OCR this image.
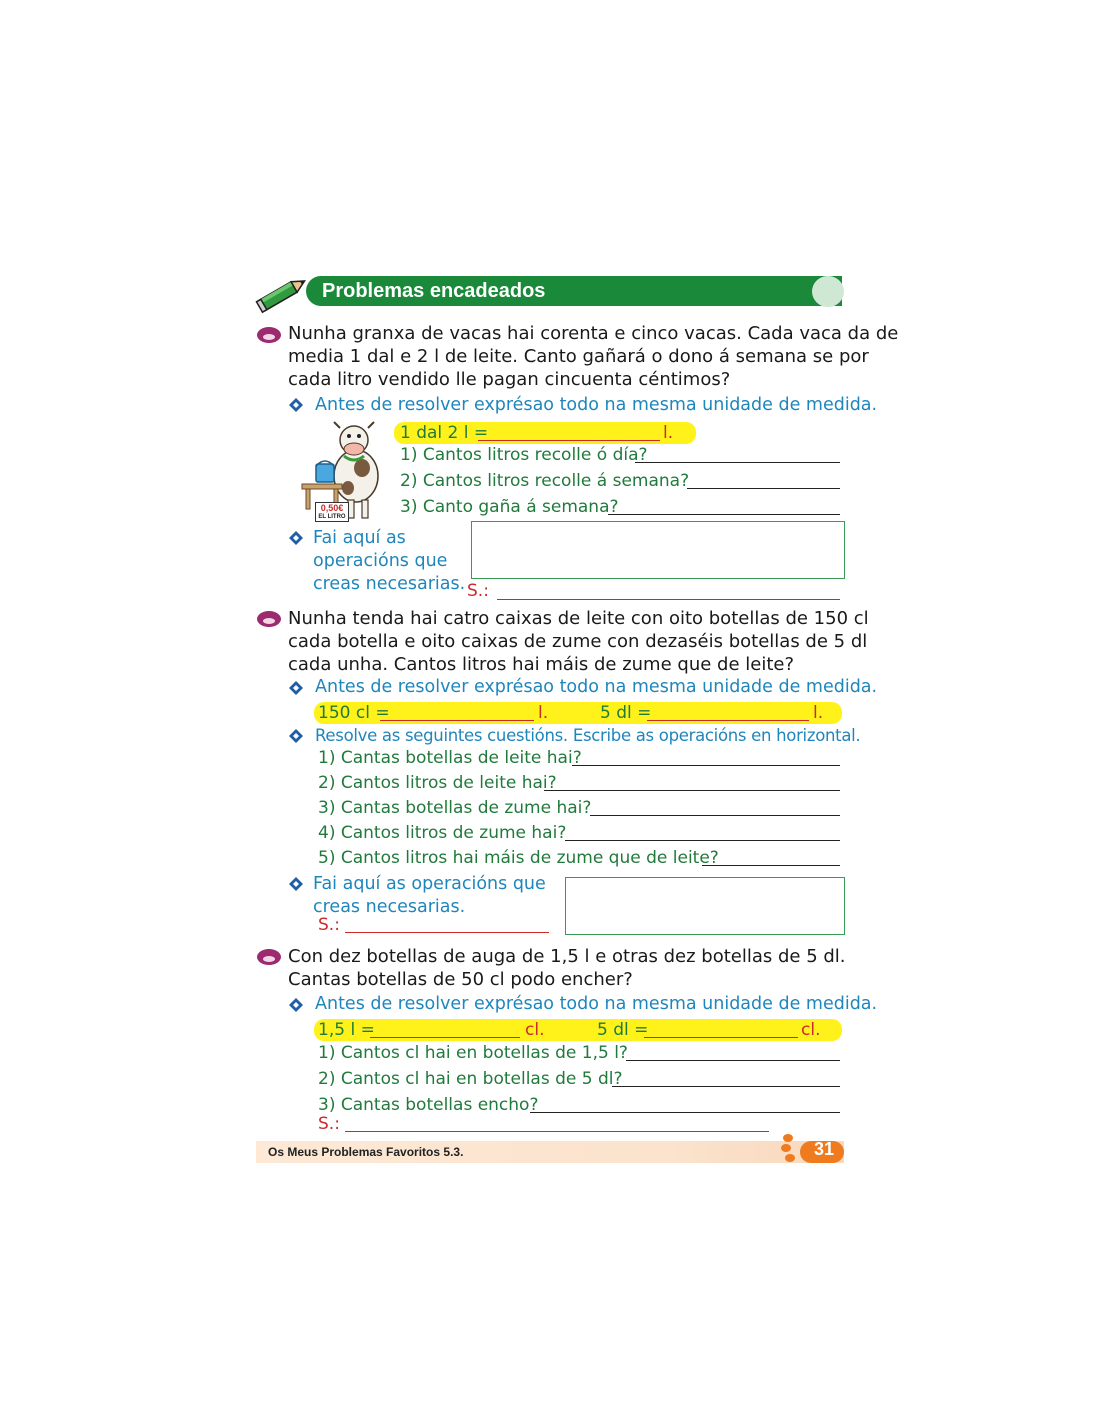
Problemas encadeados
Nunha granxa de vacas hai corenta e cinco vacas. Cada vaca da de
media 1 dal e 2 l de leite. Canto gañará o dono á semana se por
cada litro vendido lle pagan cincuenta céntimos?
Antes de resolver exprésao todo na mesma unidade de medida.
0,50€
EL LITRO
1 dal 2 l =	l.
1) Cantos litros recolle ó día?
2) Cantos litros recolle á semana?
3) Canto gaña á semana?
Fai aquí as
operacións que
creas necesarias. S.:
Nunha tenda hai catro caixas de leite con oito botellas de 150 cl
cada botella e oito caixas de zume con dezaséis botellas de 5 dl
cada unha. Cantos litros hai máis de zume que de leite?
Antes de resolver exprésao todo na mesma unidade de medida.
150 cl =	l.	5 dl =	l.
Resolve as seguintes cuestións. Escribe as operacións en horizontal.
1) Cantas botellas de leite hai?
2) Cantos litros de leite hai?
3) Cantas botellas de zume hai?
4) Cantos litros de zume hai?
5) Cantos litros hai máis de zume que de leite?
Fai aquí as operacións que
creas necesarias.
S.:
Con dez botellas de auga de 1,5 l e otras dez botellas de 5 dl.
Cantas botellas de 50 cl podo encher?
Antes de resolver exprésao todo na mesma unidade de medida.
1,5 l =	cl.	5 dl =	cl.
1) Cantos cl hai en botellas de 1,5 l?
2) Cantos cl hai en botellas de 5 dl?
3) Cantas botellas encho?
S.:
Os Meus Problemas Favoritos 5.3.	31
